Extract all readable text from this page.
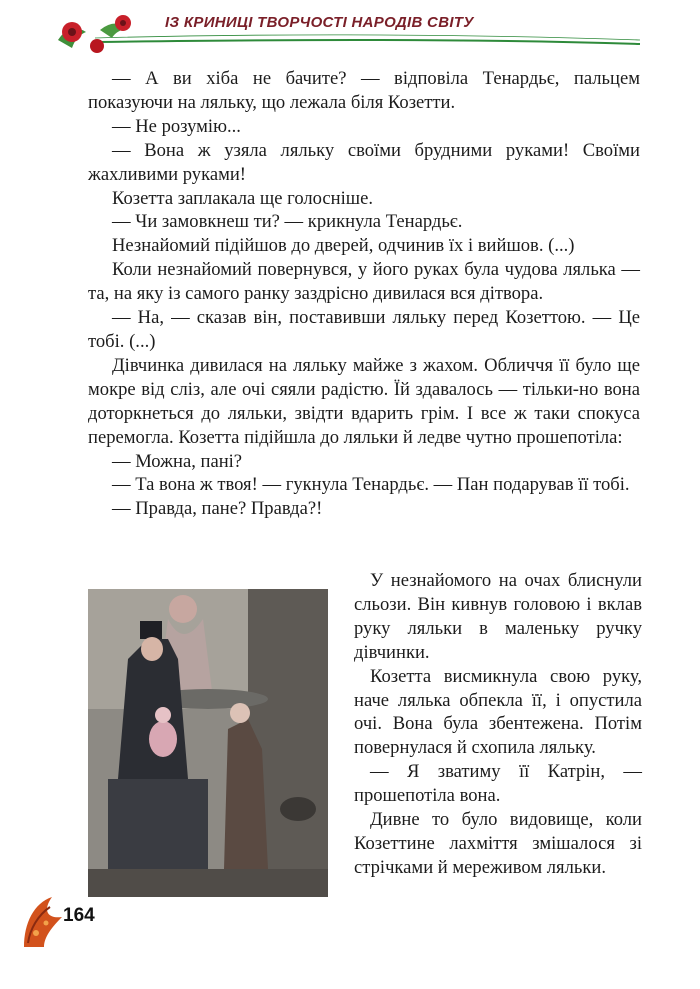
ІЗ КРИНИЦІ ТВОРЧОСТІ НАРОДІВ СВІТУ

— А ви хіба не бачите? — відповіла Тенардьє, пальцем показуючи на ляльку, що лежала біля Козетти.

— Не розумію...

— Вона ж узяла ляльку своїми брудними руками! Своїми жахливими руками!

Козетта заплакала ще голосніше.

— Чи замовкнеш ти? — крикнула Тенардьє.

Незнайомий підійшов до дверей, одчинив їх і вийшов. (...)

Коли незнайомий повернувся, у його руках була чудова лялька — та, на яку із самого ранку заздрісно дивилася вся дітвора.

— На, — сказав він, поставивши ляльку перед Козеттою. — Це тобі. (...)

Дівчинка дивилася на ляльку майже з жахом. Обличчя її було ще мокре від сліз, але очі сяяли радістю. Їй здавалось — тільки-но вона доторкнеться до ляльки, звідти вдарить грім. І все ж таки спокуса перемогла. Козетта підійшла до ляльки й ледве чутно прошепотіла:

— Можна, пані?

— Та вона ж твоя! — гукнула Тенардьє. — Пан подарував її тобі.

— Правда, пане? Правда?!

У незнайомого на очах блиснули сльози. Він кивнув головою і вклав руку ляльки в маленьку ручку дівчинки.

Козетта висмикнула свою руку, наче лялька обпекла її, і опустила очі. Вона була збентежена. Потім повернулася й схопила ляльку.

— Я зватиму її Катрін, — прошепотіла вона.

Дивне то було видовище, коли Козеттине лахміття змішалося зі стрічками й мереживом ляльки.

164
